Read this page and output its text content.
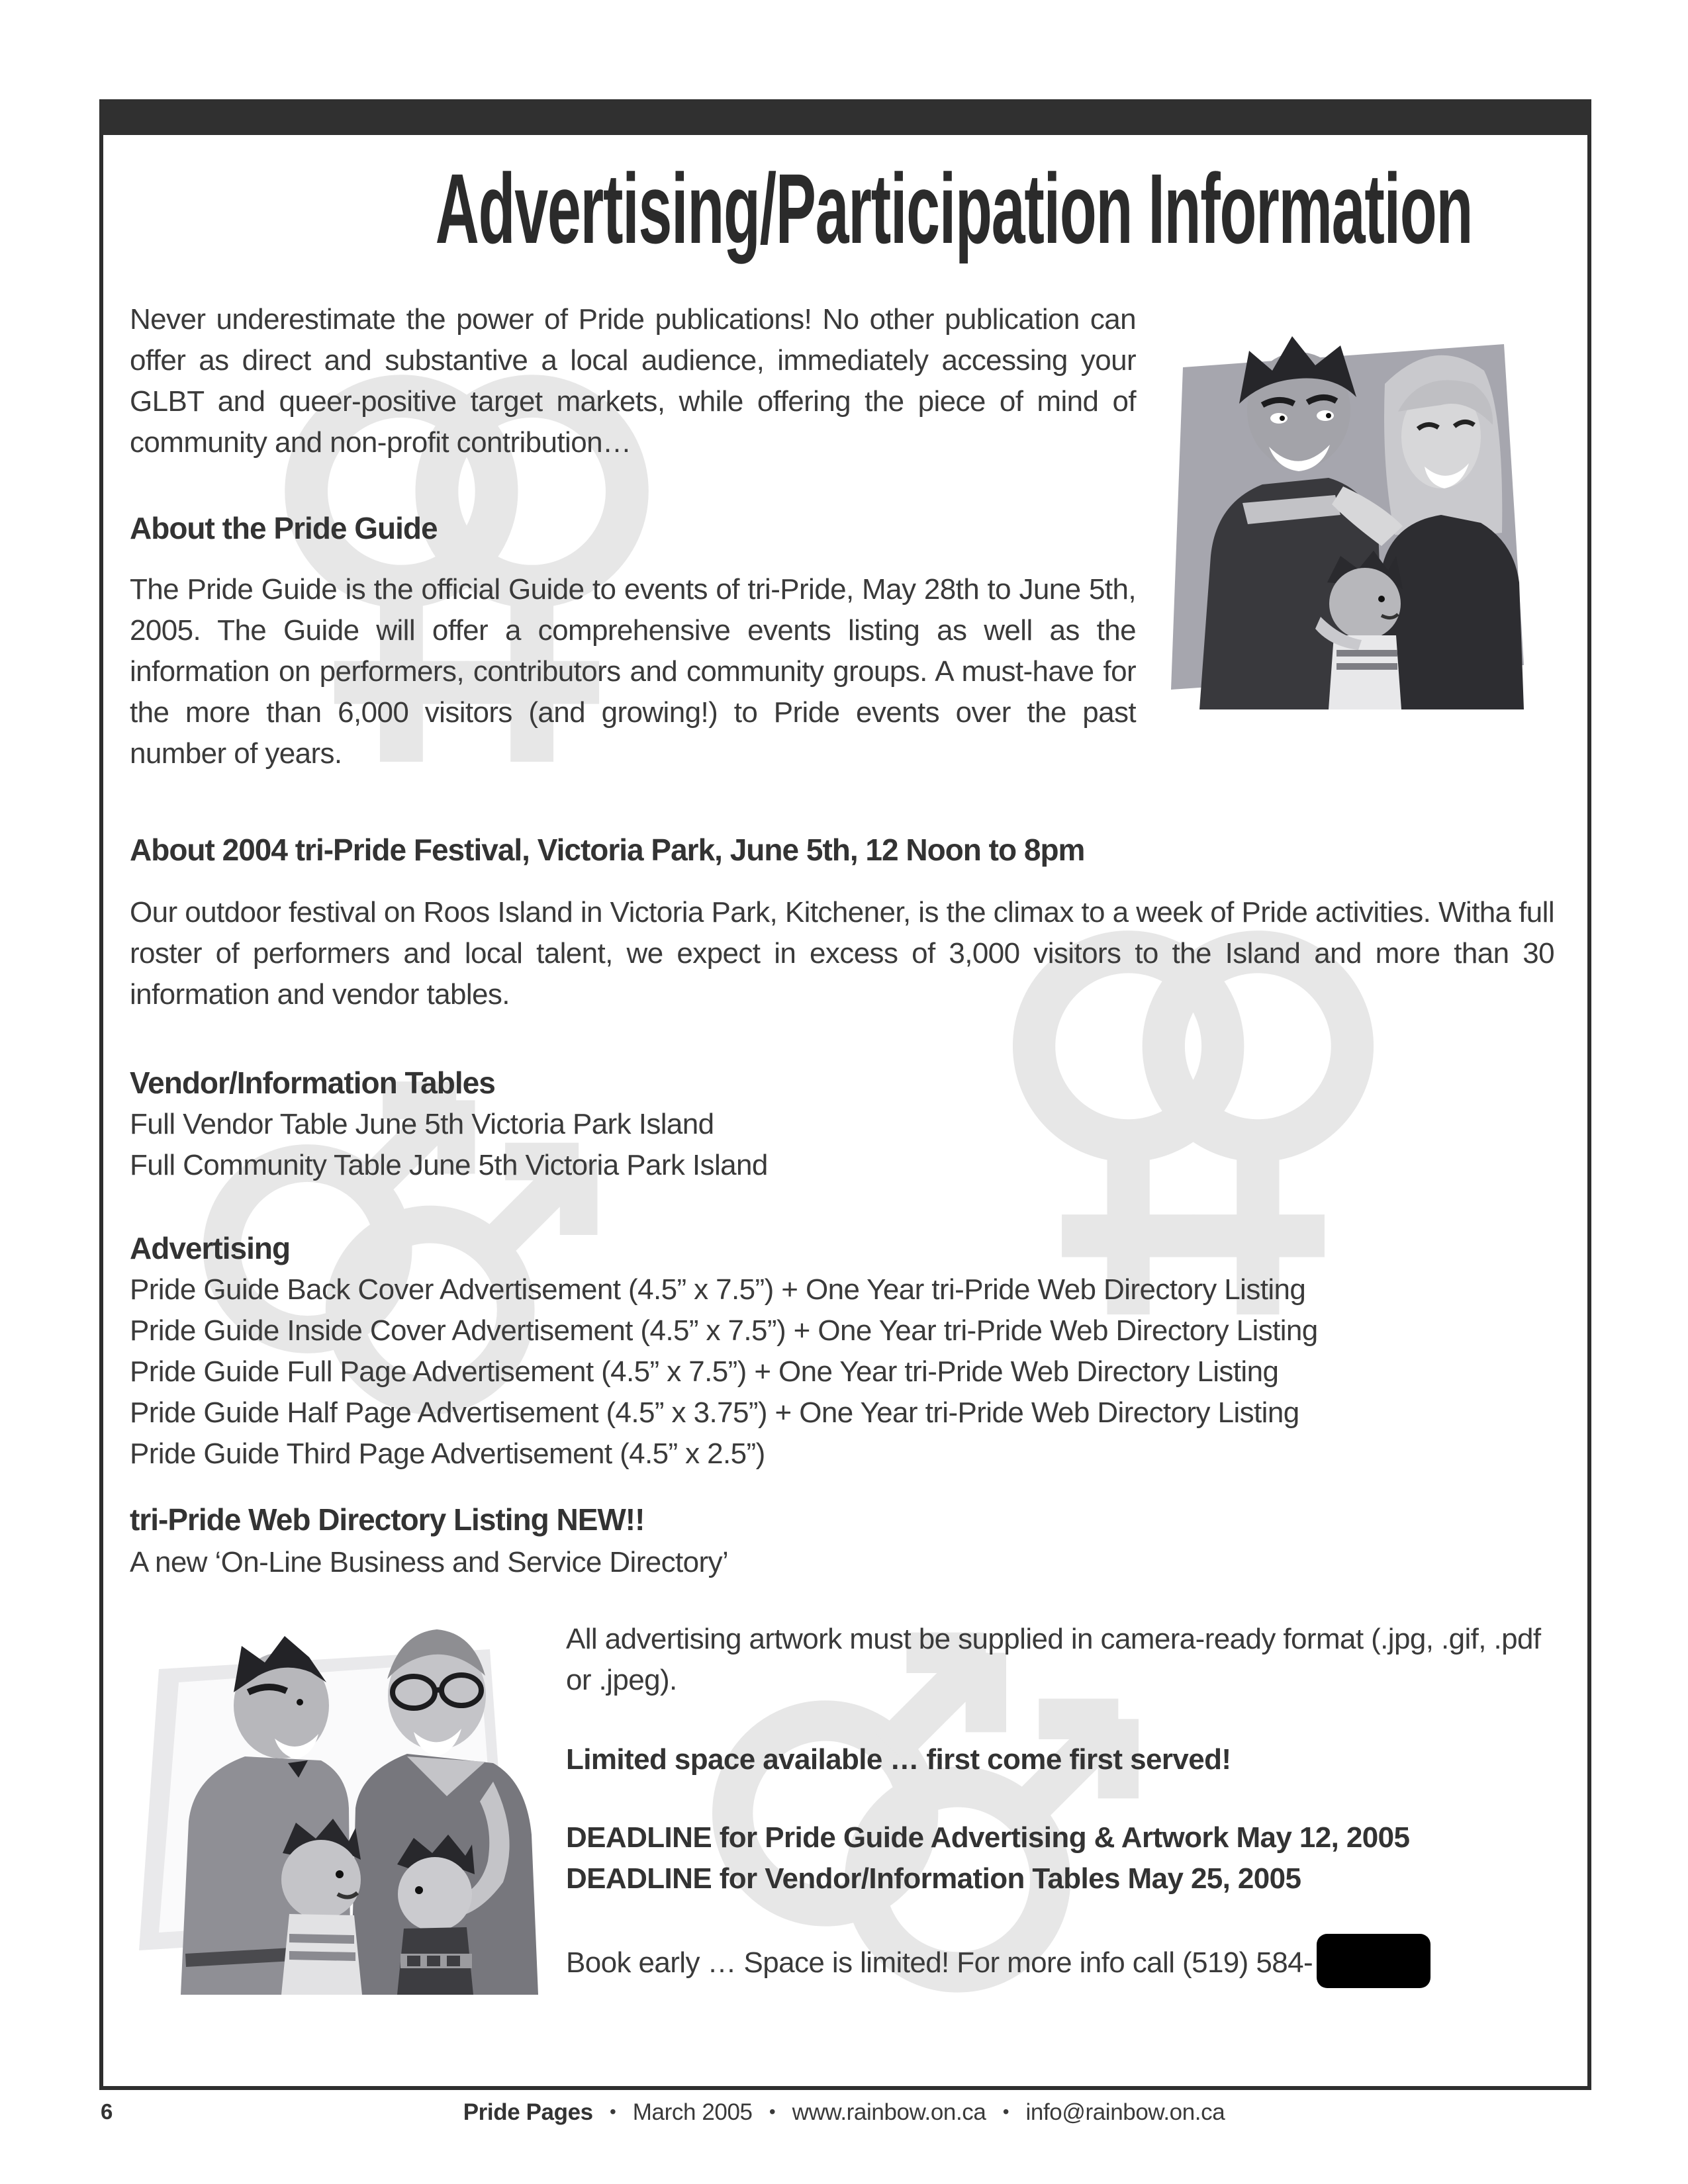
Advertising/Participation Information

Never underestimate the power of Pride publications! No other publication can offer as direct and substantive a local audience, immediately accessing your GLBT and queer-positive target markets, while offering the piece of mind of community and non-profit contribution…

About the Pride Guide

The Pride Guide is the official Guide to events of tri-Pride, May 28th to June 5th, 2005. The Guide will offer a comprehensive events listing as well as the information on performers, contributors and community groups. A must-have for the more than 6,000 visitors (and growing!) to Pride events over the past number of years.

About 2004 tri-Pride Festival, Victoria Park, June 5th, 12 Noon to 8pm

Our outdoor festival on Roos Island in Victoria Park, Kitchener, is the climax to a week of Pride activities. Witha full roster of performers and local talent, we expect in excess of 3,000 visitors to the Island and more than 30 information and vendor tables.

Vendor/Information Tables
Full Vendor Table June 5th Victoria Park Island
Full Community Table June 5th Victoria Park Island
Advertising
Pride Guide Back Cover Advertisement (4.5” x 7.5”) + One Year tri-Pride Web Directory Listing
Pride Guide Inside Cover Advertisement (4.5” x 7.5”) + One Year tri-Pride Web Directory Listing
Pride Guide Full Page Advertisement (4.5” x 7.5”) + One Year tri-Pride Web Directory Listing
Pride Guide Half Page Advertisement (4.5” x 3.75”) + One Year tri-Pride Web Directory Listing
Pride Guide Third Page Advertisement (4.5” x 2.5”)
tri-Pride Web Directory Listing NEW!!
A new ‘On-Line Business and Service Directory’

All advertising artwork must be supplied in camera-ready format (.jpg, .gif, .pdf or .jpeg).

Limited space available … first come first served!

DEADLINE for Pride Guide Advertising & Artwork May 12, 2005
DEADLINE for Vendor/Information Tables May 25, 2005
Book early … Space is limited! For more info call (519) 584-
6	Pride Pages • March 2005 • www.rainbow.on.ca • info@rainbow.on.ca
